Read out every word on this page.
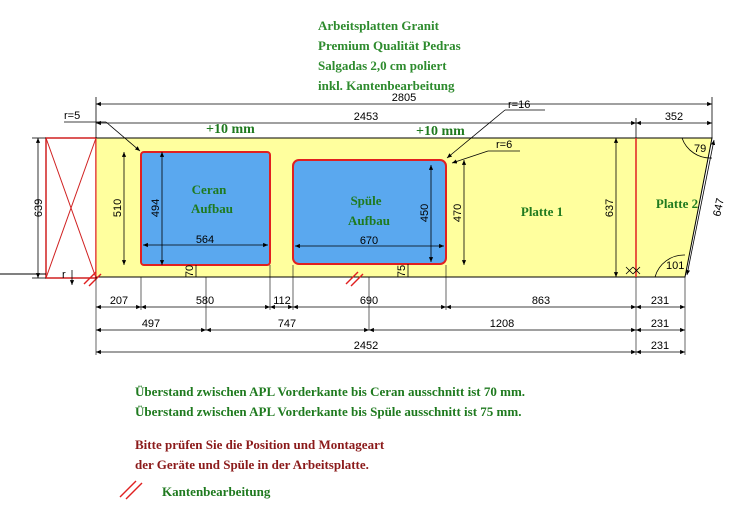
Arbeitsplatten Granit
Premium Qualität Pedras
Salgadas 2,0 cm poliert
inkl. Kantenbearbeitung
79
101
2805
2453	352
+10 mm	+10 mm
r=5
r=16
r=6
639	510 494
r
564	670
Ceran
Aufbau
Spüle
Aufbau	450 470	637	647
70	75
Platte 1
Platte 2
207	580	112	690	863	231
497	747	1208	231
2452	231
Überstand zwischen APL Vorderkante bis Ceran ausschnitt ist 70 mm.
Überstand zwischen APL Vorderkante bis Spüle ausschnitt ist 75 mm.
Bitte prüfen Sie die Position und Montageart
der Geräte und Spüle in der Arbeitsplatte.
Kantenbearbeitung
